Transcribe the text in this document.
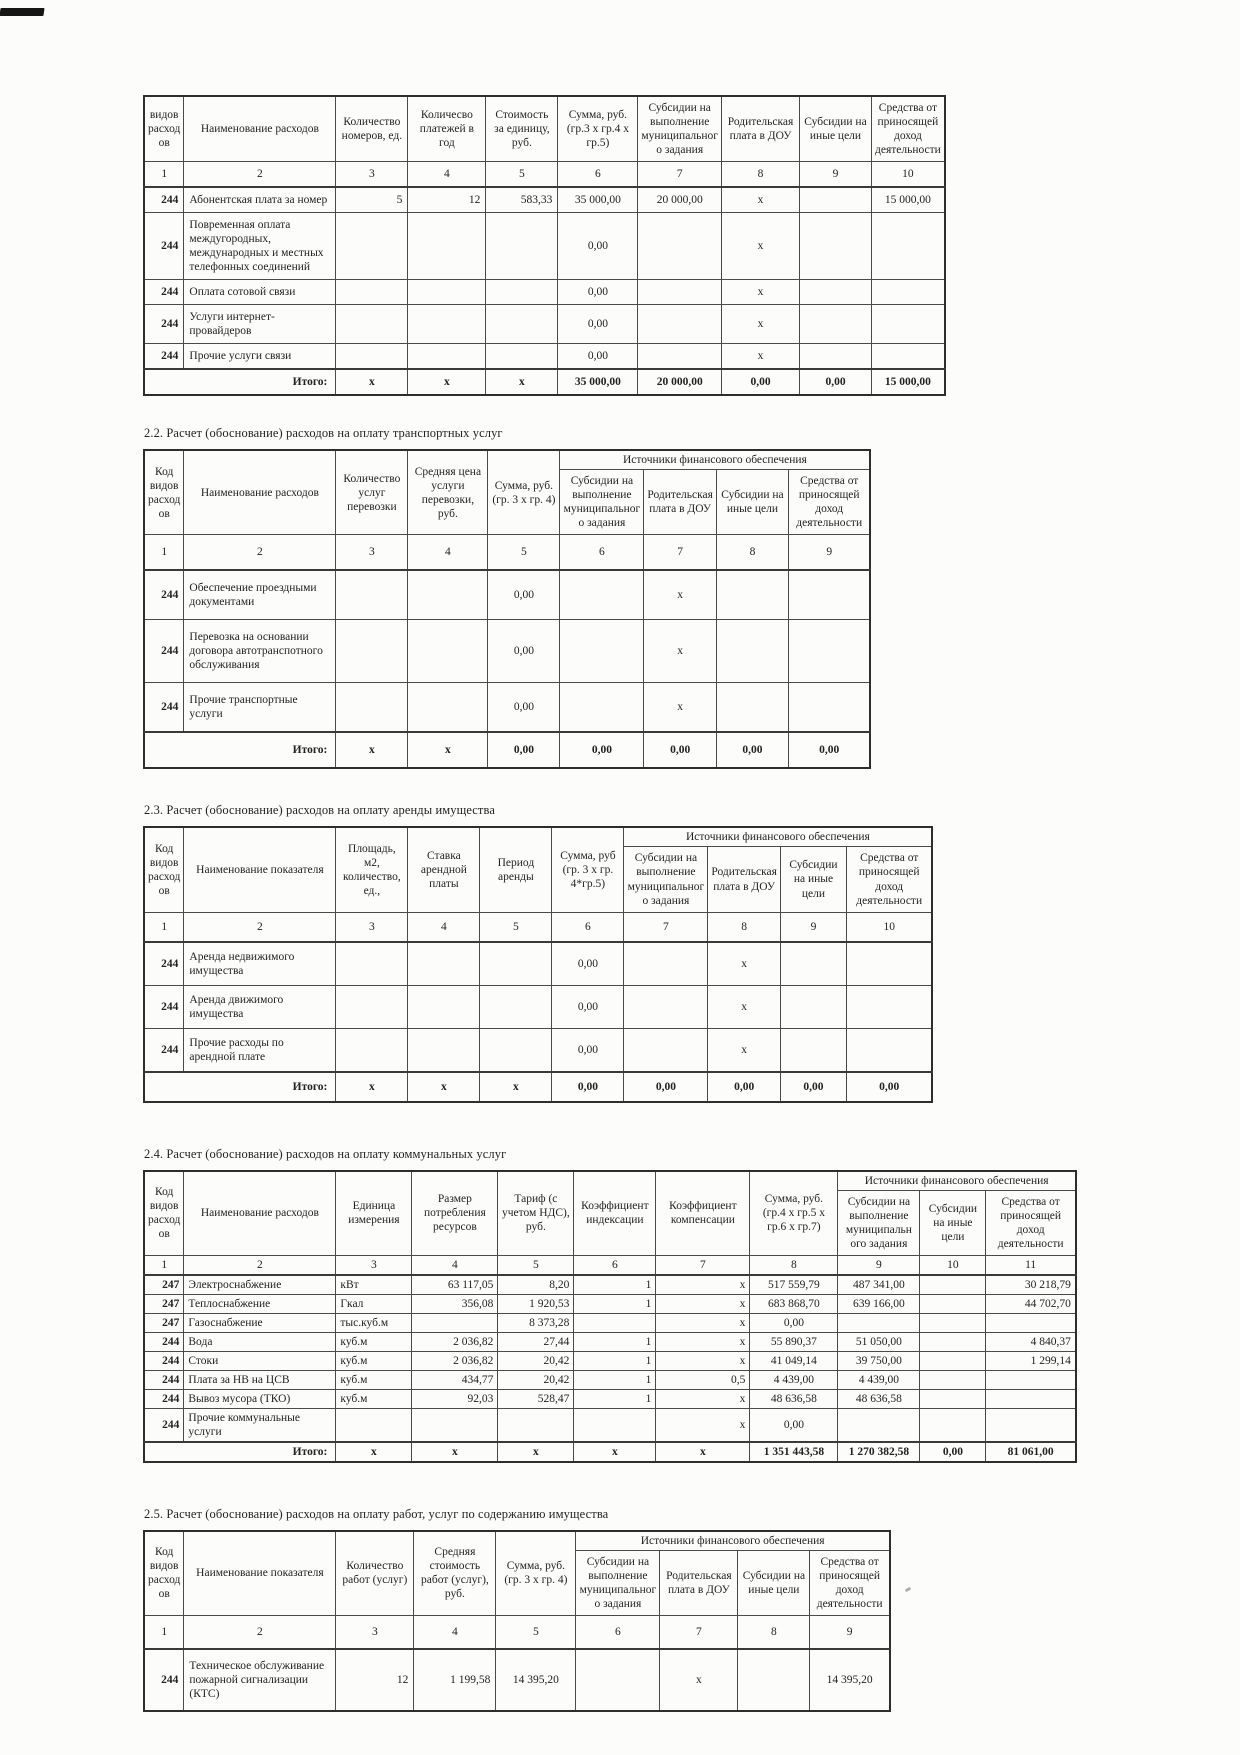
видов расход ов	Наименование расходов	Количество номеров, ед.	Количесво платежей в год	Стоимость за единицу, руб.	Сумма, руб. (гр.3 х гр.4 х гр.5)	Субсидии на выполнение муниципальног о задания	Родительская плата в ДОУ	Субсидии на иные цели	Средства от приносящей доход деятельности
1	2	3	4	5	6	7	8	9	10
244	Абонентская плата за номер	5	12	583,33	35 000,00	20 000,00	x		15 000,00
244	Повременная оплата междугородных, международных и местных телефонных соединений				0,00		x		
244	Оплата сотовой связи				0,00		x		
244	Услуги интернет-провайдеров				0,00		x		
244	Прочие услуги связи				0,00		x		
Итого:		x	x	x	35 000,00	20 000,00	0,00	0,00	15 000,00
2.2. Расчет (обоснование) расходов на оплату транспортных услуг
Код видов расход ов	Наименование расходов	Количество услуг перевозки	Средняя цена услуги перевозки, руб.	Сумма, руб. (гр. 3 х гр. 4)	Источники финансового обеспечения			
					Субсидии на выполнение муниципальног о задания	Родительская плата в ДОУ	Субсидии на иные цели	Средства от приносящей доход деятельности
1	2	3	4	5	6	7	8	9
244	Обеспечение проездными документами			0,00		x		
244	Перевозка на основании договора автотранспотного обслуживания			0,00		x		
244	Прочие транспортные услуги			0,00		x		
Итого:		x	x	0,00	0,00	0,00	0,00	0,00
2.3. Расчет (обоснование) расходов на оплату аренды имущества
Код видов расход ов	Наименование показателя	Площадь, м2, количество, ед.,	Ставка арендной платы	Период аренды	Сумма, руб (гр. 3 х гр. 4*гр.5)	Источники финансового обеспечения			
						Субсидии на выполнение муниципальног о задания	Родительская плата в ДОУ	Субсидии на иные цели	Средства от приносящей доход деятельности
1	2	3	4	5	6	7	8	9	10
244	Аренда недвижимого имущества				0,00		x		
244	Аренда движимого имущества				0,00		x		
244	Прочие расходы по арендной плате				0,00		x		
Итого:		x	x	x	0,00	0,00	0,00	0,00	0,00
2.4. Расчет (обоснование) расходов на оплату коммунальных услуг
Код видов расход ов	Наименование расходов	Единица измерения	Размер потребления ресурсов	Тариф (с учетом НДС), руб.	Коэффициент индексации	Коэффициент компенсации	Сумма, руб. (гр.4 х гр.5 х гр.6 х гр.7)	Источники финансового обеспечения		
								Субсидии на выполнение муниципальн ого задания	Субсидии на иные цели	Средства от приносящей доход деятельности
1	2	3	4	5	6	7	8	9	10	11
247	Электроснабжение	кВт	63 117,05	8,20	1	x	517 559,79	487 341,00		30 218,79
247	Теплоснабжение	Гкал	356,08	1 920,53	1	x	683 868,70	639 166,00		44 702,70
247	Газоснабжение	тыс.куб.м		8 373,28		x	0,00			
244	Вода	куб.м	2 036,82	27,44	1	x	55 890,37	51 050,00		4 840,37
244	Стоки	куб.м	2 036,82	20,42	1	x	41 049,14	39 750,00		1 299,14
244	Плата за НВ на ЦСВ	куб.м	434,77	20,42	1	0,5	4 439,00	4 439,00		
244	Вывоз мусора (ТКО)	куб.м	92,03	528,47	1	x	48 636,58	48 636,58		
244	Прочие коммунальные услуги					x	0,00			
Итого:		x	x	x	x	x	1 351 443,58	1 270 382,58	0,00	81 061,00
2.5. Расчет (обоснование) расходов на оплату работ, услуг по содержанию имущества
Код видов расход ов	Наименование показателя	Количество работ (услуг)	Средняя стоимость работ (услуг), руб.	Сумма, руб. (гр. 3 х гр. 4)	Источники финансового обеспечения			
					Субсидии на выполнение муниципальног о задания	Родительская плата в ДОУ	Субсидии на иные цели	Средства от приносящей доход деятельности
1	2	3	4	5	6	7	8	9
244	Техническое обслуживание пожарной сигнализации (КТС)	12	1 199,58	14 395,20		x		14 395,20
